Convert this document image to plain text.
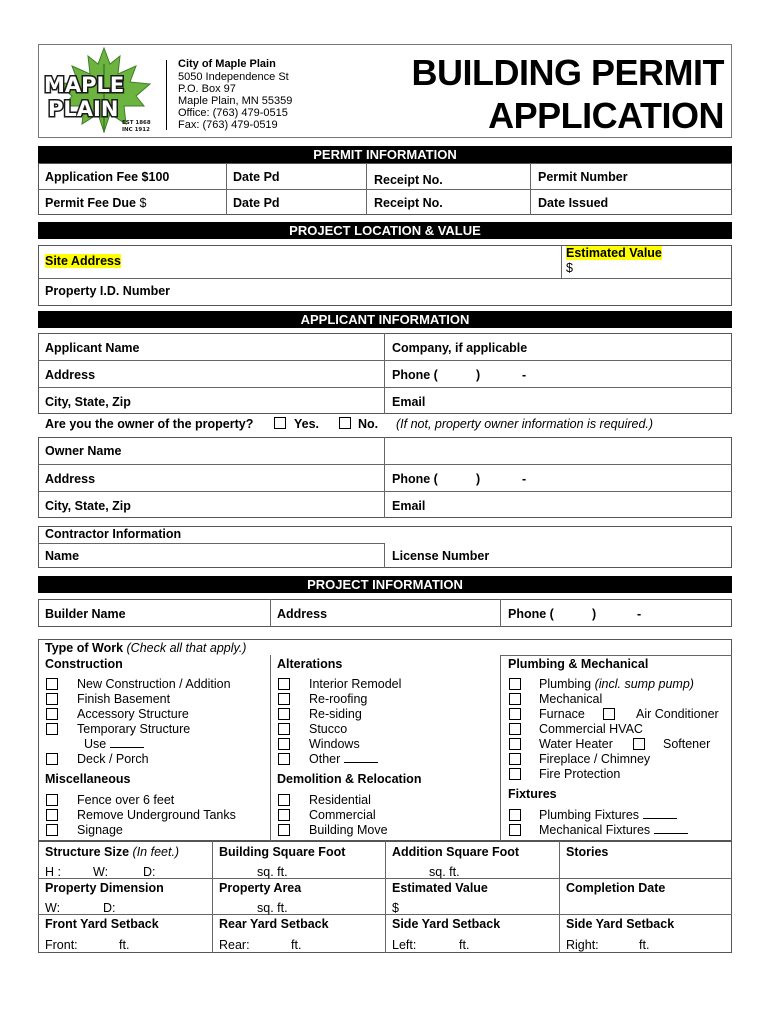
MAPLE
PLAIN
EST 1868
INC 1912
City of Maple Plain
5050 Independence St
P.O. Box 97
Maple Plain, MN 55359
Office: (763) 479-0515
Fax: (763) 479-0519
BUILDING PERMIT
APPLICATION
PERMIT INFORMATION
Application Fee $100	Date Pd	Receipt No.	Permit Number
Permit Fee Due $	Date Pd	Receipt No.	Date Issued
PROJECT LOCATION & VALUE
Site Address
Estimated Value
$
Property I.D. Number
APPLICANT INFORMATION
Applicant Name	Company, if applicable
Address	Phone (	)	-
City, State, Zip	Email
Are you the owner of the property?	Yes.	No. (If not, property owner information is required.)
Owner Name
Address	Phone (	)	-
City, State, Zip	Email
Contractor Information
Name	License Number
PROJECT INFORMATION
Builder Name	Address	Phone (	)	-
Type of Work (Check all that apply.)
Construction
New Construction / Addition
Finish Basement
Accessory Structure
Temporary Structure
Use
Deck / Porch
Alterations
Interior Remodel
Re-roofing
Re-siding
Stucco
Windows
Other
Plumbing & Mechanical
Plumbing (incl. sump pump)
Mechanical
Furnace	Air Conditioner
Commercial HVAC
Water Heater	Softener
Fireplace / Chimney
Fire Protection
Miscellaneous
Fence over 6 feet
Remove Underground Tanks
Signage
Demolition & Relocation
Residential
Commercial
Building Move
Fixtures
Plumbing Fixtures
Mechanical Fixtures
Structure Size (In feet.)
H :	W:	D:
Building Square Foot
sq. ft.
Addition Square Foot
sq. ft.
Stories
Property Dimension
W:	D:
Property Area
sq. ft.
Estimated Value
$
Completion Date
Front Yard Setback
Front:	ft.
Rear Yard Setback
Rear:	ft.
Side Yard Setback
Left:	ft.
Side Yard Setback
Right:	ft.
